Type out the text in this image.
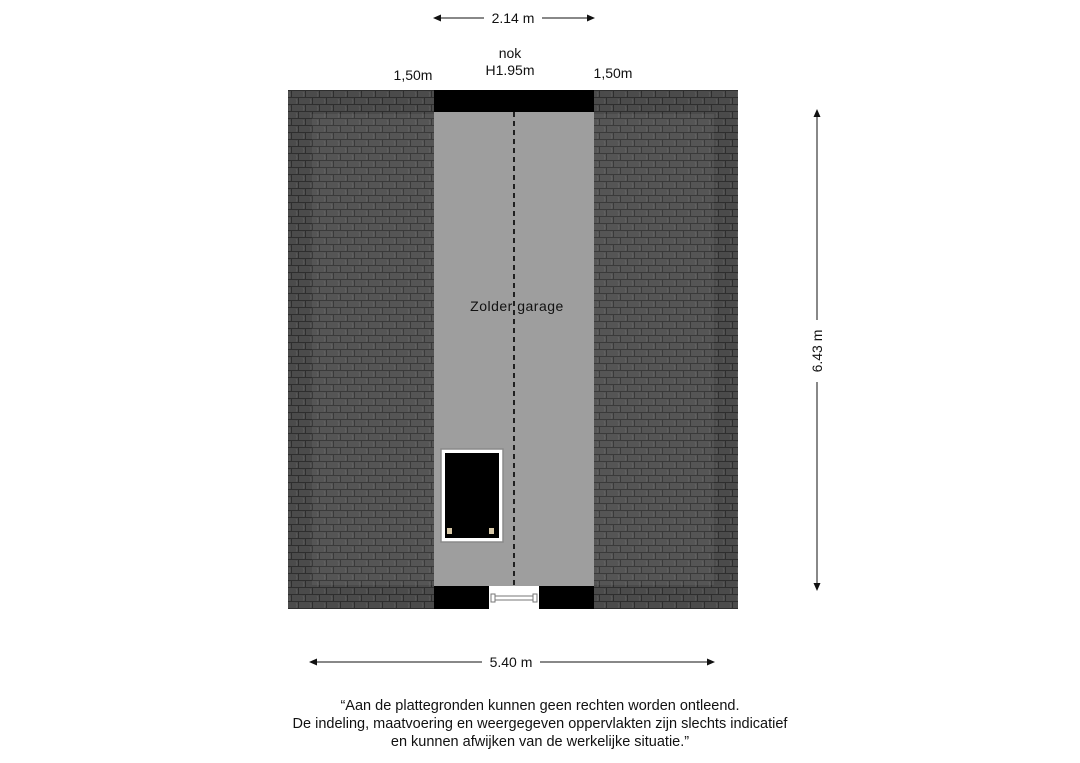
2.14 m
nok
H1.95m
1,50m	1,50m
Zolder garage
6.43 m
5.40 m
“Aan de plattegronden kunnen geen rechten worden ontleend.
De indeling, maatvoering en weergegeven oppervlakten zijn slechts indicatief
en kunnen afwijken van de werkelijke situatie.”
